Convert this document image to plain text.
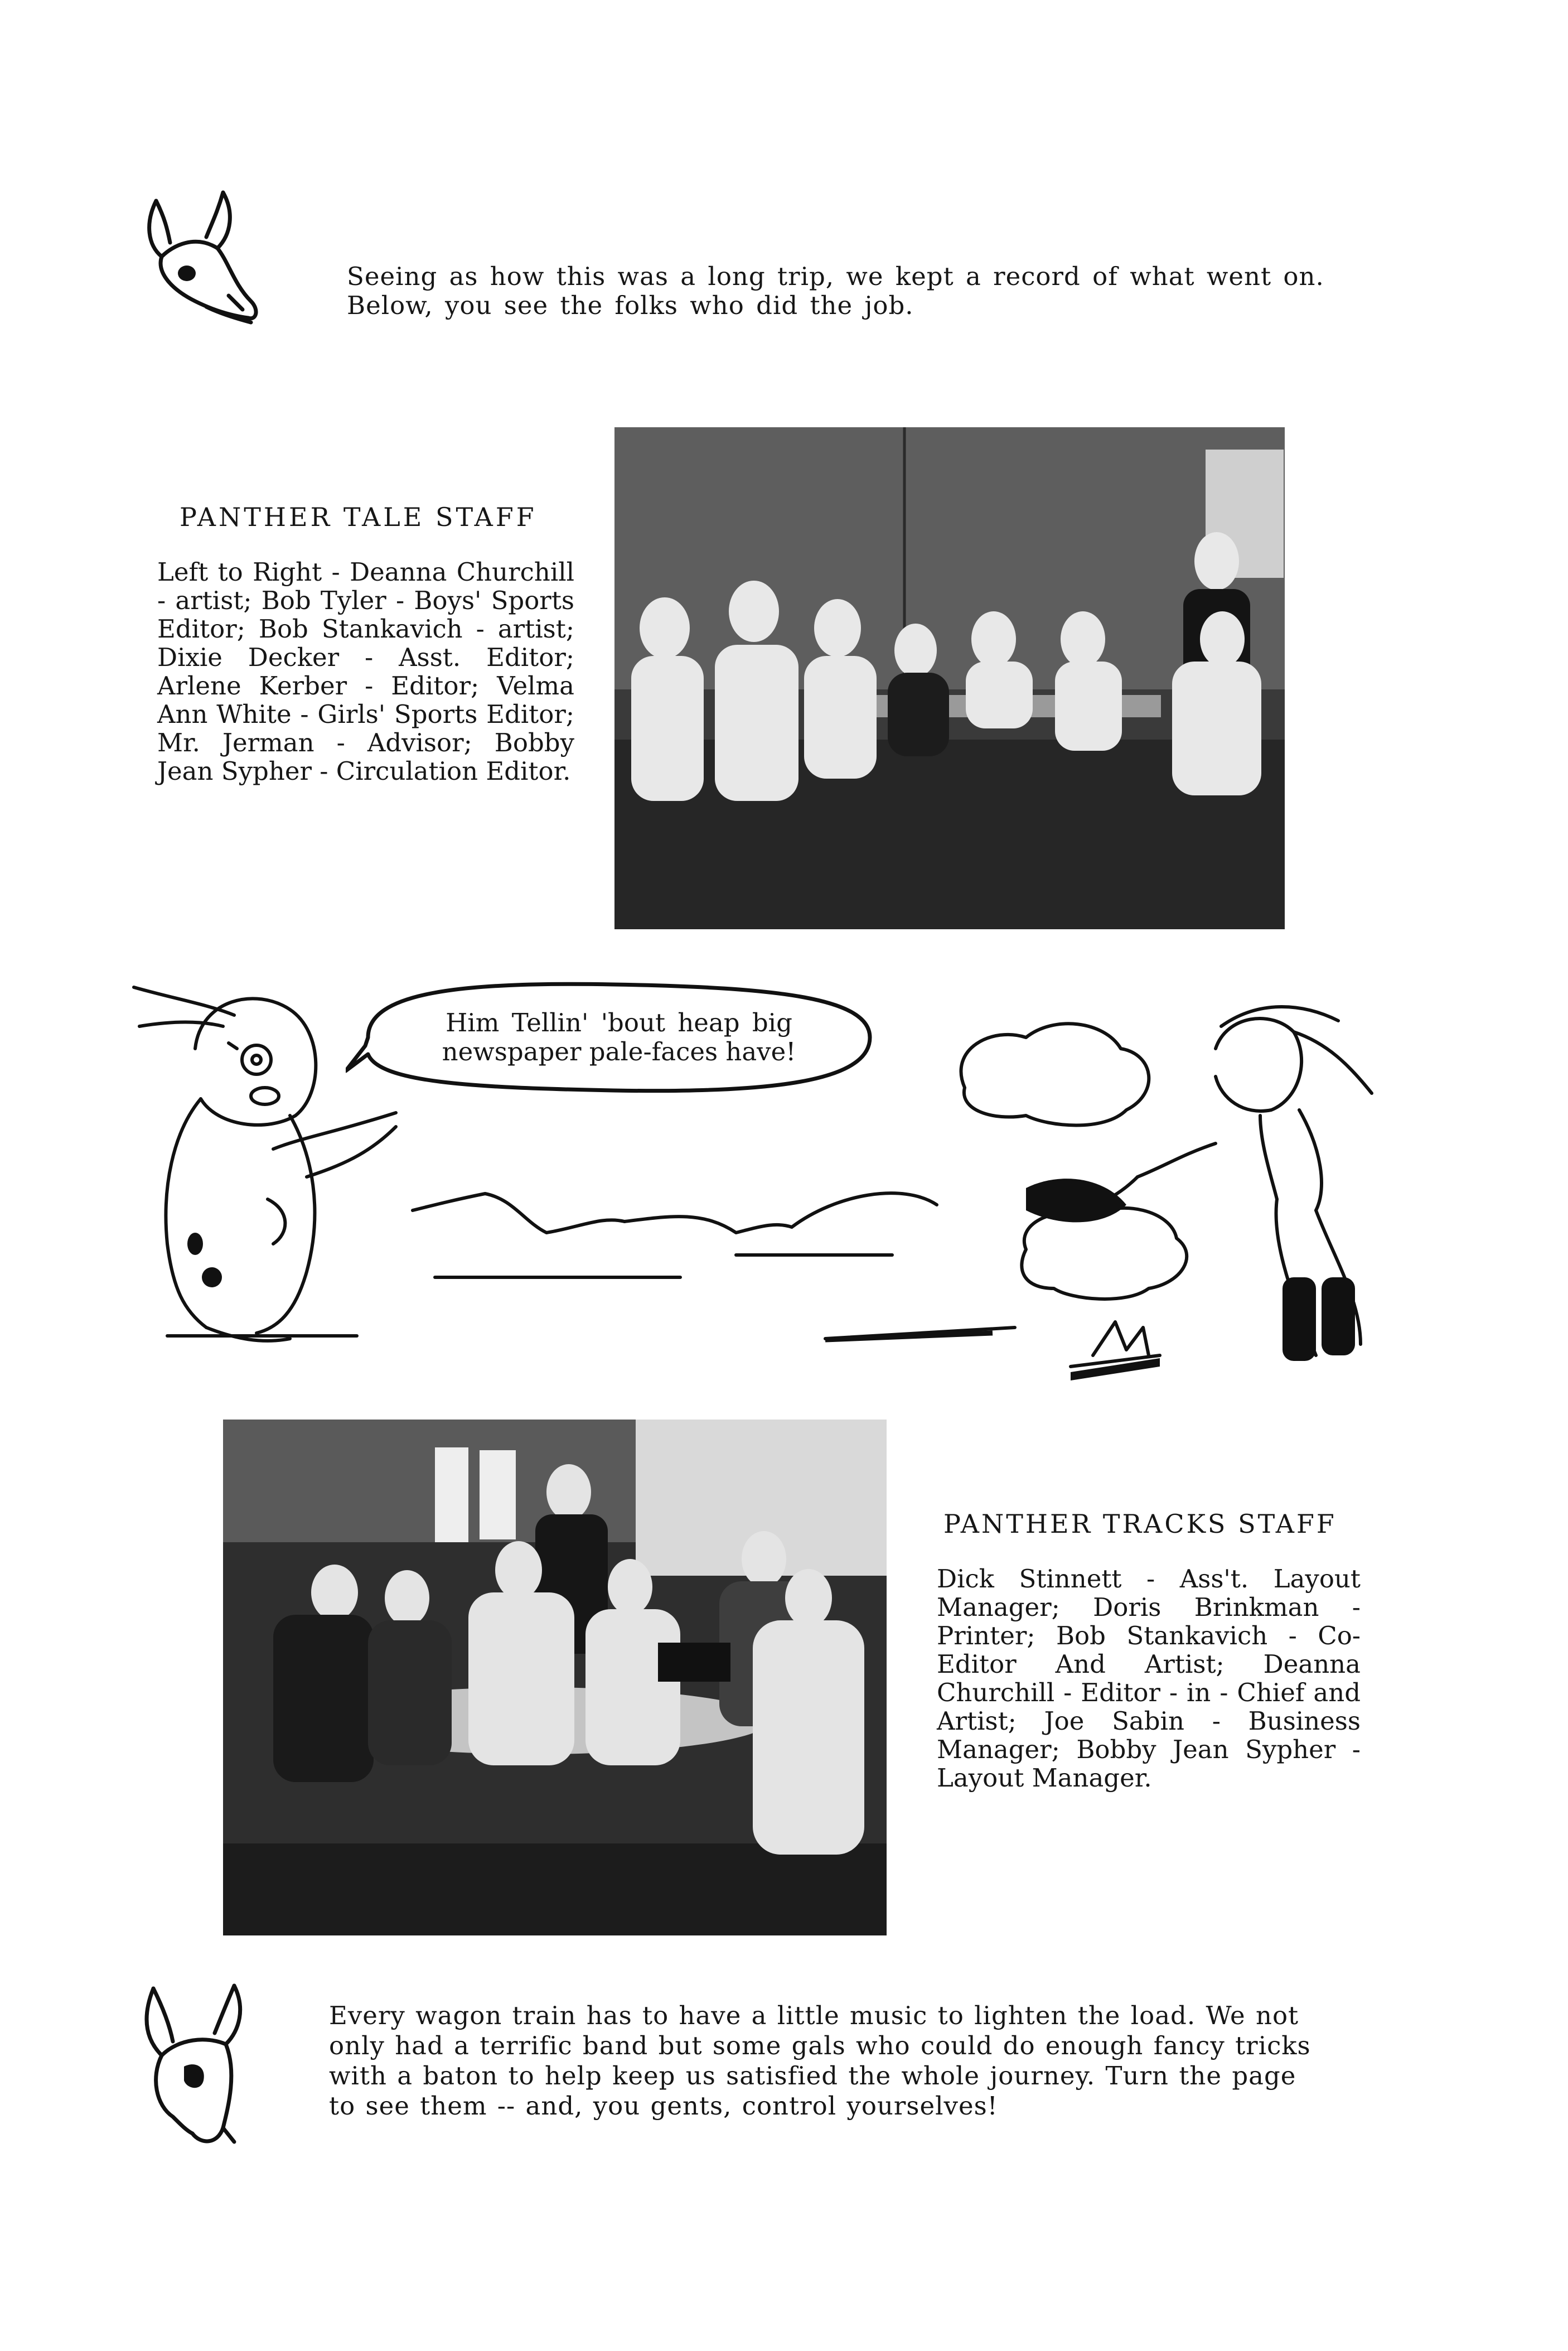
Seeing as how this was a long trip, we kept a record of what went on.
Below, you see the folks who did the job.
PANTHER TALE STAFF
Left to Right - Deanna Churchill - artist; Bob Tyler - Boys' Sports Editor; Bob Stankavich - artist; Dixie Decker - Asst. Editor; Arlene Kerber - Editor; Velma Ann White - Girls' Sports Editor; Mr. Jerman - Advisor; Bobby Jean Sypher - Circulation Editor.
Him Tellin' 'bout heap big
newspaper pale-faces have!
PANTHER TRACKS STAFF
Dick Stinnett - Ass't. Layout Manager; Doris Brinkman - Printer; Bob Stankavich - Co-Editor And Artist; Deanna Churchill - Editor - in - Chief and Artist; Joe Sabin - Business Manager; Bobby Jean Sypher - Layout Manager.
Every wagon train has to have a little music to lighten the load. We not
only had a terrific band but some gals who could do enough fancy tricks
with a baton to help keep us satisfied the whole journey. Turn the page
to see them -- and, you gents, control yourselves!
